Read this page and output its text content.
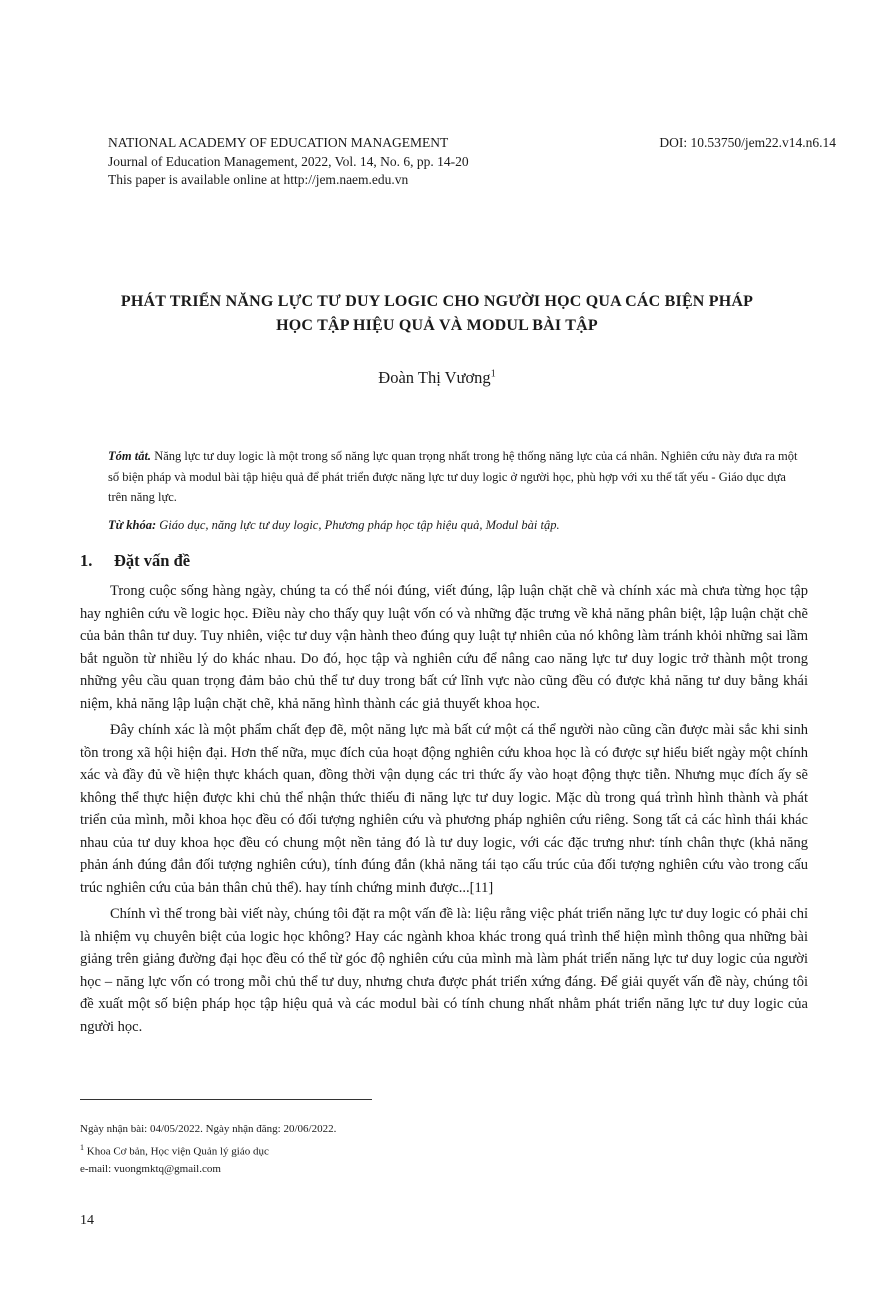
NATIONAL ACADEMY OF EDUCATION MANAGEMENT	DOI: 10.53750/jem22.v14.n6.14
Journal of Education Management, 2022, Vol. 14, No. 6, pp. 14-20
This paper is available online at http://jem.naem.edu.vn
PHÁT TRIỂN NĂNG LỰC TƯ DUY LOGIC CHO NGƯỜI HỌC QUA CÁC BIỆN PHÁP
HỌC TẬP HIỆU QUẢ VÀ MODUL BÀI TẬP
Đoàn Thị Vương$^1$

Tóm tắt. Năng lực tư duy logic là một trong số năng lực quan trọng nhất trong hệ thống năng lực của cá nhân. Nghiên cứu này đưa ra một số biện pháp và modul bài tập hiệu quả để phát triển được năng lực tư duy logic ở người học, phù hợp với xu thế tất yếu - Giáo dục dựa trên năng lực.

Từ khóa: Giáo dục, năng lực tư duy logic, Phương pháp học tập hiệu quả, Modul bài tập.
1. Đặt vấn đề

Trong cuộc sống hàng ngày, chúng ta có thể nói đúng, viết đúng, lập luận chặt chẽ và chính xác mà chưa từng học tập hay nghiên cứu về logic học. Điều này cho thấy quy luật vốn có và những đặc trưng về khả năng phân biệt, lập luận chặt chẽ của bản thân tư duy. Tuy nhiên, việc tư duy vận hành theo đúng quy luật tự nhiên của nó không làm tránh khỏi những sai lầm bắt nguồn từ nhiều lý do khác nhau. Do đó, học tập và nghiên cứu để nâng cao năng lực tư duy logic trở thành một trong những yêu cầu quan trọng đảm bảo chủ thể tư duy trong bất cứ lĩnh vực nào cũng đều có được khả năng tư duy bằng khái niệm, khả năng lập luận chặt chẽ, khả năng hình thành các giả thuyết khoa học.

Đây chính xác là một phẩm chất đẹp đẽ, một năng lực mà bất cứ một cá thể người nào cũng cần được mài sắc khi sinh tồn trong xã hội hiện đại. Hơn thế nữa, mục đích của hoạt động nghiên cứu khoa học là có được sự hiểu biết ngày một chính xác và đầy đủ về hiện thực khách quan, đồng thời vận dụng các tri thức ấy vào hoạt động thực tiễn. Nhưng mục đích ấy sẽ không thể thực hiện được khi chủ thể nhận thức thiếu đi năng lực tư duy logic. Mặc dù trong quá trình hình thành và phát triển của mình, mỗi khoa học đều có đối tượng nghiên cứu và phương pháp nghiên cứu riêng. Song tất cả các hình thái khác nhau của tư duy khoa học đều có chung một nền tảng đó là tư duy logic, với các đặc trưng như: tính chân thực (khả năng phản ánh đúng đắn đối tượng nghiên cứu), tính đúng đắn (khả năng tái tạo cấu trúc của đối tượng nghiên cứu vào trong cấu trúc nghiên cứu của bản thân chủ thể). hay tính chứng minh được...[11]

Chính vì thế trong bài viết này, chúng tôi đặt ra một vấn đề là: liệu rằng việc phát triển năng lực tư duy logic có phải chỉ là nhiệm vụ chuyên biệt của logic học không? Hay các ngành khoa khác trong quá trình thể hiện mình thông qua những bài giảng trên giảng đường đại học đều có thể từ góc độ nghiên cứu của mình mà làm phát triển năng lực tư duy logic của người học – năng lực vốn có trong mỗi chủ thể tư duy, nhưng chưa được phát triển xứng đáng. Để giải quyết vấn đề này, chúng tôi đề xuất một số biện pháp học tập hiệu quả và các modul bài có tính chung nhất nhằm phát triển năng lực tư duy logic của người học.

Ngày nhận bài: 04/05/2022. Ngày nhận đăng: 20/06/2022.
$^1$ Khoa Cơ bản, Học viện Quản lý giáo dục
e-mail: vuongmktq@gmail.com
14
